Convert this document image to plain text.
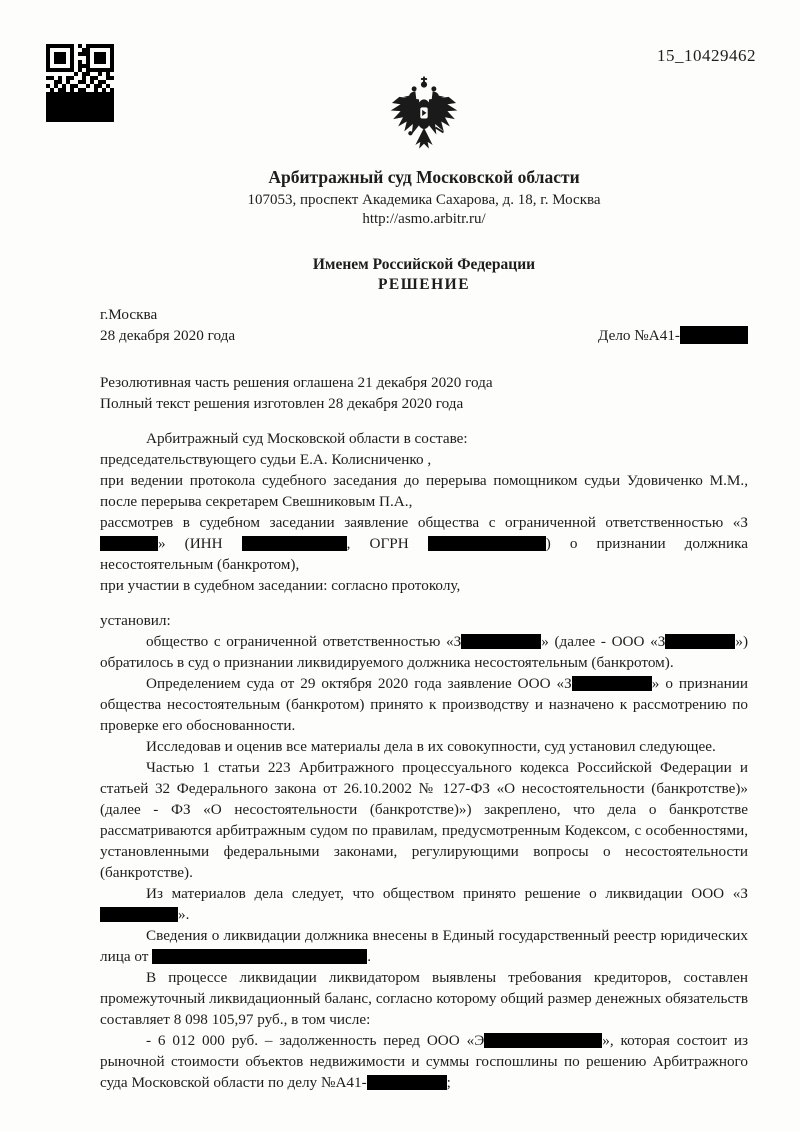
15_10429462
Арбитражный суд Московской области
107053, проспект Академика Сахарова, д. 18, г. Москва
http://asmo.arbitr.ru/
Именем Российской Федерации
РЕШЕНИЕ
г.Москва
28 декабря 2020 года	Дело №А41-

Резолютивная часть решения оглашена 21 декабря 2020 года

Полный текст решения изготовлен 28 декабря 2020 года

Арбитражный суд Московской области в составе:

председательствующего судьи Е.А. Колисниченко ,

при ведении протокола судебного заседания до перерыва помощником судьи Удовиченко М.М., после перерыва секретарем Свешниковым П.А.,

рассмотрев в судебном заседании заявление общества с ограниченной ответственностью «З» (ИНН	, ОГРН	) о признании должника несостоятельным (банкротом),

при участии в судебном заседании: согласно протоколу,

установил:

общество с ограниченной ответственностью «З	» (далее - ООО «З	») обратилось в суд о признании ликвидируемого должника несостоятельным (банкротом).

Определением суда от 29 октября 2020 года заявление ООО «З	» о признании общества несостоятельным (банкротом) принято к производству и назначено к рассмотрению по проверке его обоснованности.

Исследовав и оценив все материалы дела в их совокупности, суд установил следующее.

Частью 1 статьи 223 Арбитражного процессуального кодекса Российской Федерации и статьей 32 Федерального закона от 26.10.2002 № 127-ФЗ «О несостоятельности (банкротстве)» (далее - ФЗ «О несостоятельности (банкротстве)») закреплено, что дела о банкротстве рассматриваются арбитражным судом по правилам, предусмотренным Кодексом, с особенностями, установленными федеральными законами, регулирующими вопросы о несостоятельности (банкротстве).

Из материалов дела следует, что обществом принято решение о ликвидации ООО «З».

Сведения о ликвидации должника внесены в Единый государственный реестр юридических лица от	.

В процессе ликвидации ликвидатором выявлены требования кредиторов, составлен промежуточный ликвидационный баланс, согласно которому общий размер денежных обязательств составляет 8 098 105,97 руб., в том числе:

- 6 012 000 руб. – задолженность перед ООО «Э	», которая состоит из рыночной стоимости объектов недвижимости и суммы госпошлины по решению Арбитражного суда Московской области по делу №А41-	;
